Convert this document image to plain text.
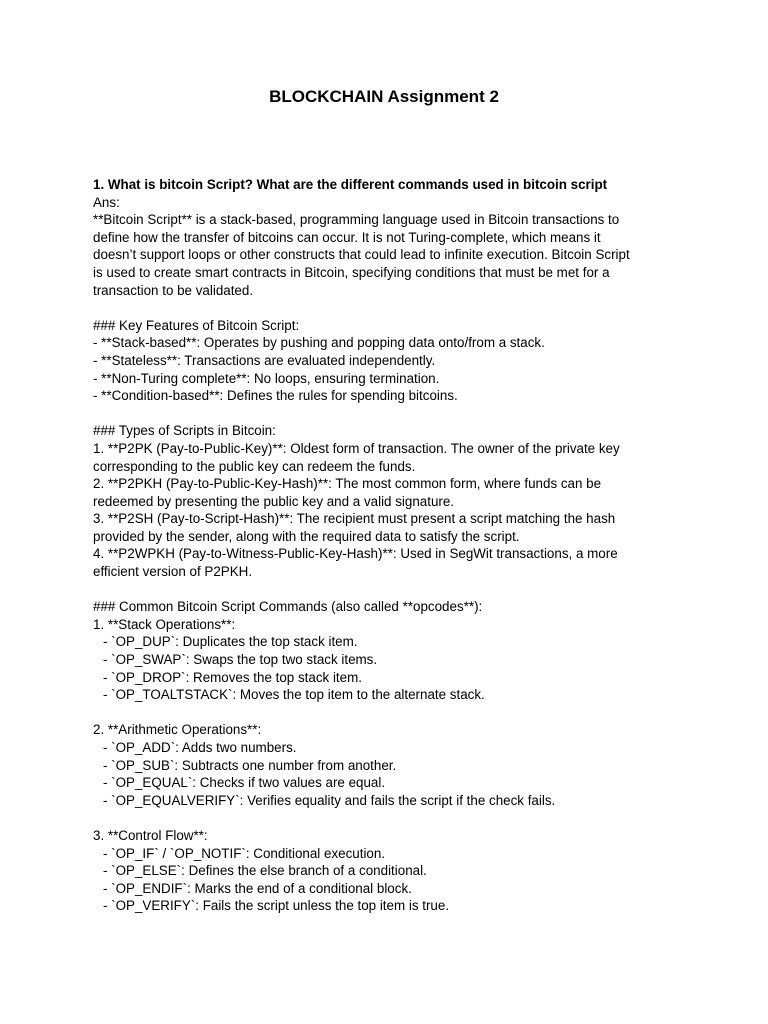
BLOCKCHAIN Assignment 2
1. What is bitcoin Script? What are the different commands used in bitcoin script
Ans:
**Bitcoin Script** is a stack-based, programming language used in Bitcoin transactions to
define how the transfer of bitcoins can occur. It is not Turing-complete, which means it
doesn’t support loops or other constructs that could lead to infinite execution. Bitcoin Script
is used to create smart contracts in Bitcoin, specifying conditions that must be met for a
transaction to be validated.
### Key Features of Bitcoin Script:
- **Stack-based**: Operates by pushing and popping data onto/from a stack.
- **Stateless**: Transactions are evaluated independently.
- **Non-Turing complete**: No loops, ensuring termination.
- **Condition-based**: Defines the rules for spending bitcoins.
### Types of Scripts in Bitcoin:
1. **P2PK (Pay-to-Public-Key)**: Oldest form of transaction. The owner of the private key
corresponding to the public key can redeem the funds.
2. **P2PKH (Pay-to-Public-Key-Hash)**: The most common form, where funds can be
redeemed by presenting the public key and a valid signature.
3. **P2SH (Pay-to-Script-Hash)**: The recipient must present a script matching the hash
provided by the sender, along with the required data to satisfy the script.
4. **P2WPKH (Pay-to-Witness-Public-Key-Hash)**: Used in SegWit transactions, a more
efficient version of P2PKH.
### Common Bitcoin Script Commands (also called **opcodes**):
1. **Stack Operations**:
- `OP_DUP`: Duplicates the top stack item.
- `OP_SWAP`: Swaps the top two stack items.
- `OP_DROP`: Removes the top stack item.
- `OP_TOALTSTACK`: Moves the top item to the alternate stack.
2. **Arithmetic Operations**:
- `OP_ADD`: Adds two numbers.
- `OP_SUB`: Subtracts one number from another.
- `OP_EQUAL`: Checks if two values are equal.
- `OP_EQUALVERIFY`: Verifies equality and fails the script if the check fails.
3. **Control Flow**:
- `OP_IF` / `OP_NOTIF`: Conditional execution.
- `OP_ELSE`: Defines the else branch of a conditional.
- `OP_ENDIF`: Marks the end of a conditional block.
- `OP_VERIFY`: Fails the script unless the top item is true.
